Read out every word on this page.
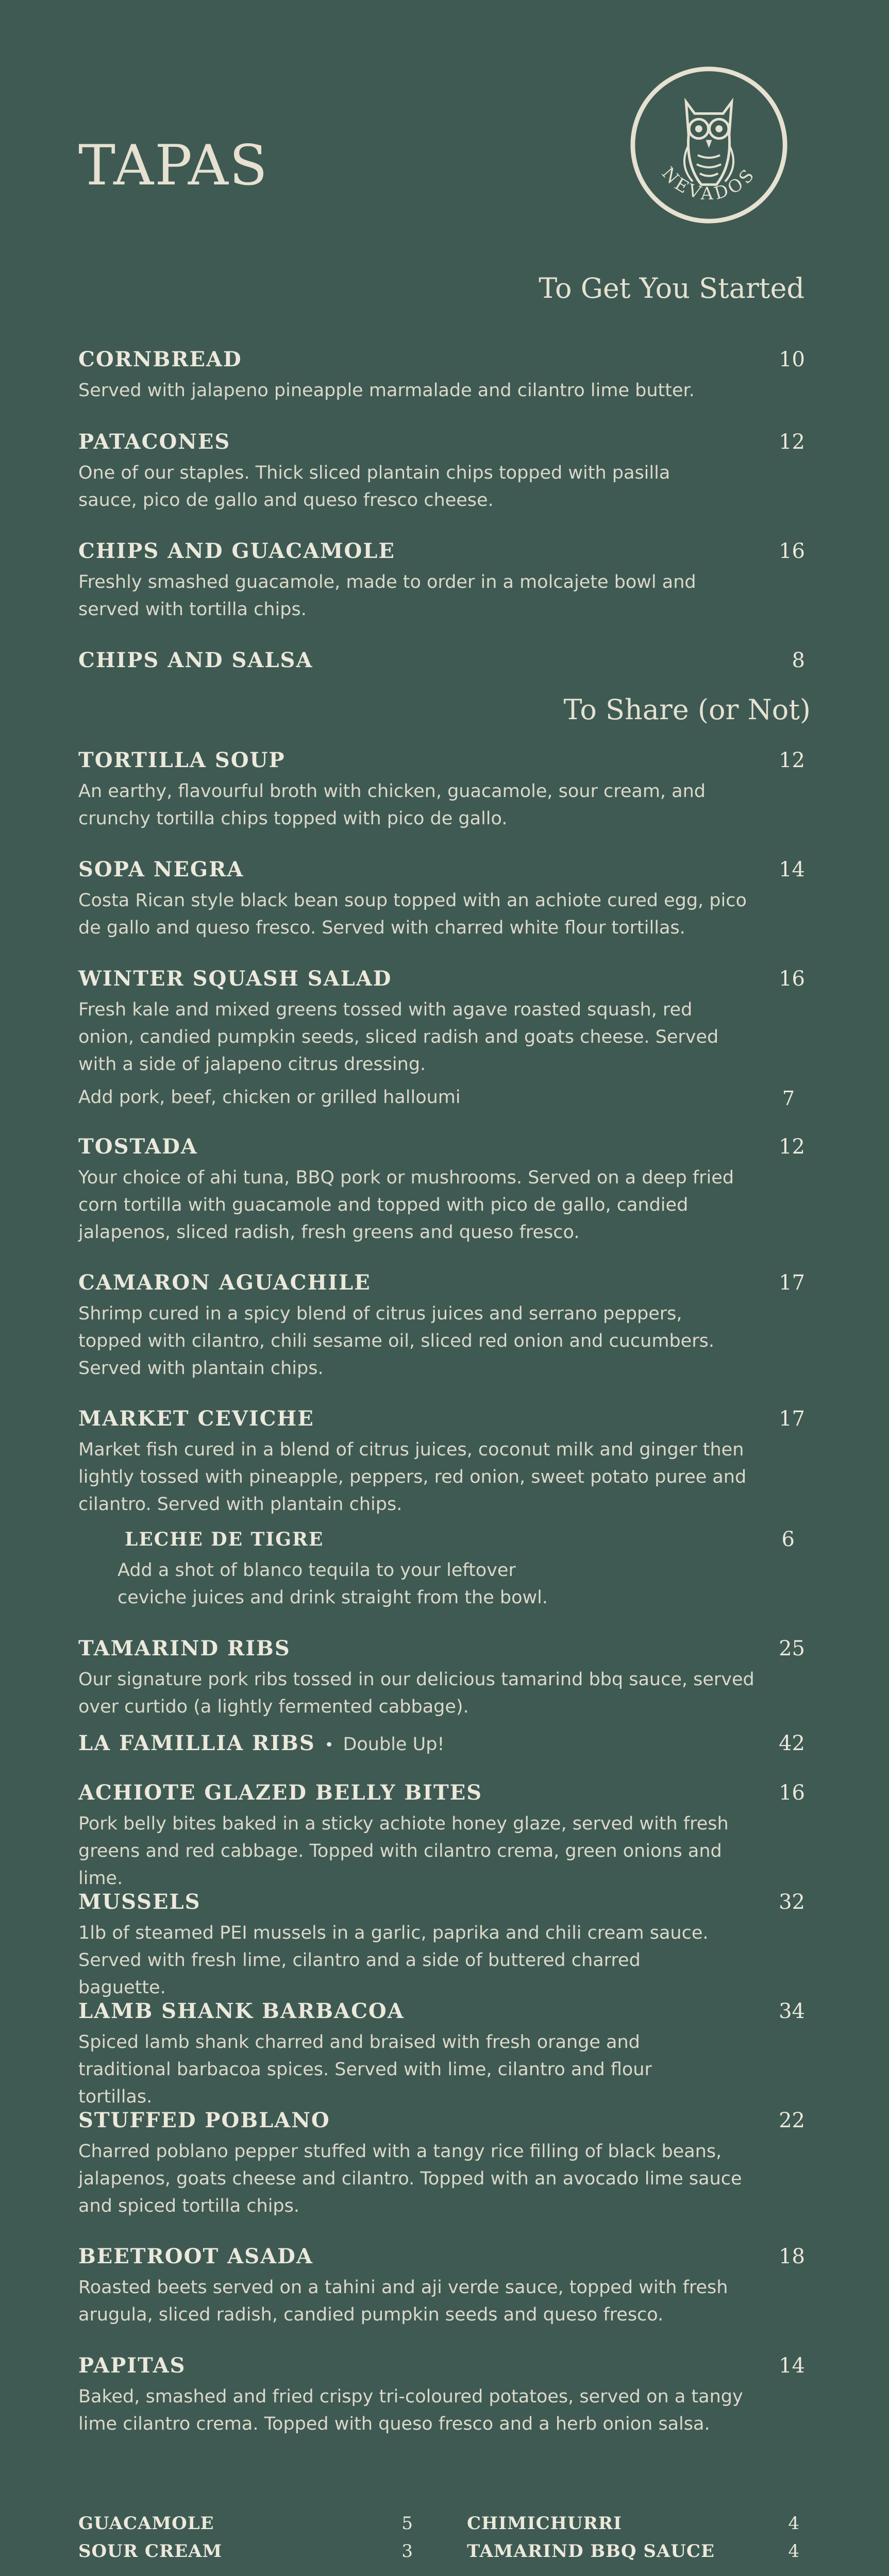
TAPAS	NEVADOS
To Get You Started
CORNBREAD	10
Served with jalapeno pineapple marmalade and cilantro lime butter.
PATACONES	12
One of our staples. Thick sliced plantain chips topped with pasilla sauce, pico de gallo and queso fresco cheese.
CHIPS AND GUACAMOLE	16
Freshly smashed guacamole, made to order in a molcajete bowl and served with tortilla chips.
CHIPS AND SALSA	8
To Share (or Not)
TORTILLA SOUP	12
An earthy, flavourful broth with chicken, guacamole, sour cream, and crunchy tortilla chips topped with pico de gallo.
SOPA NEGRA	14
Costa Rican style black bean soup topped with an achiote cured egg, pico de gallo and queso fresco. Served with charred white flour tortillas.
WINTER SQUASH SALAD	16
Fresh kale and mixed greens tossed with agave roasted squash, red onion, candied pumpkin seeds, sliced radish and goats cheese. Served with a side of jalapeno citrus dressing.
Add pork, beef, chicken or grilled halloumi	7
TOSTADA	12
Your choice of ahi tuna, BBQ pork or mushrooms. Served on a deep fried corn tortilla with guacamole and topped with pico de gallo, candied jalapenos, sliced radish, fresh greens and queso fresco.
CAMARON AGUACHILE	17
Shrimp cured in a spicy blend of citrus juices and serrano peppers, topped with cilantro, chili sesame oil, sliced red onion and cucumbers. Served with plantain chips.
MARKET CEVICHE	17
Market fish cured in a blend of citrus juices, coconut milk and ginger then lightly tossed with pineapple, peppers, red onion, sweet potato puree and cilantro. Served with plantain chips.
LECHE DE TIGRE	6
Add a shot of blanco tequila to your leftover ceviche juices and drink straight from the bowl.
TAMARIND RIBS	25
Our signature pork ribs tossed in our delicious tamarind bbq sauce, served over curtido (a lightly fermented cabbage).
LA FAMILLIA RIBS • Double Up!	42
ACHIOTE GLAZED BELLY BITES	16
Pork belly bites baked in a sticky achiote honey glaze, served with fresh greens and red cabbage. Topped with cilantro crema, green onions and lime.
MUSSELS	32
1lb of steamed PEI mussels in a garlic, paprika and chili cream sauce. Served with fresh lime, cilantro and a side of buttered charred baguette.
LAMB SHANK BARBACOA	34
Spiced lamb shank charred and braised with fresh orange and traditional barbacoa spices. Served with lime, cilantro and flour tortillas.
STUFFED POBLANO	22
Charred poblano pepper stuffed with a tangy rice filling of black beans, jalapenos, goats cheese and cilantro. Topped with an avocado lime sauce and spiced tortilla chips.
BEETROOT ASADA	18
Roasted beets served on a tahini and aji verde sauce, topped with fresh arugula, sliced radish, candied pumpkin seeds and queso fresco.
PAPITAS	14
Baked, smashed and fried crispy tri-coloured potatoes, served on a tangy lime cilantro crema. Topped with queso fresco and a herb onion salsa.
GUACAMOLE	5
SOUR CREAM	3
CHIMICHURRI	4
TAMARIND BBQ SAUCE	4
